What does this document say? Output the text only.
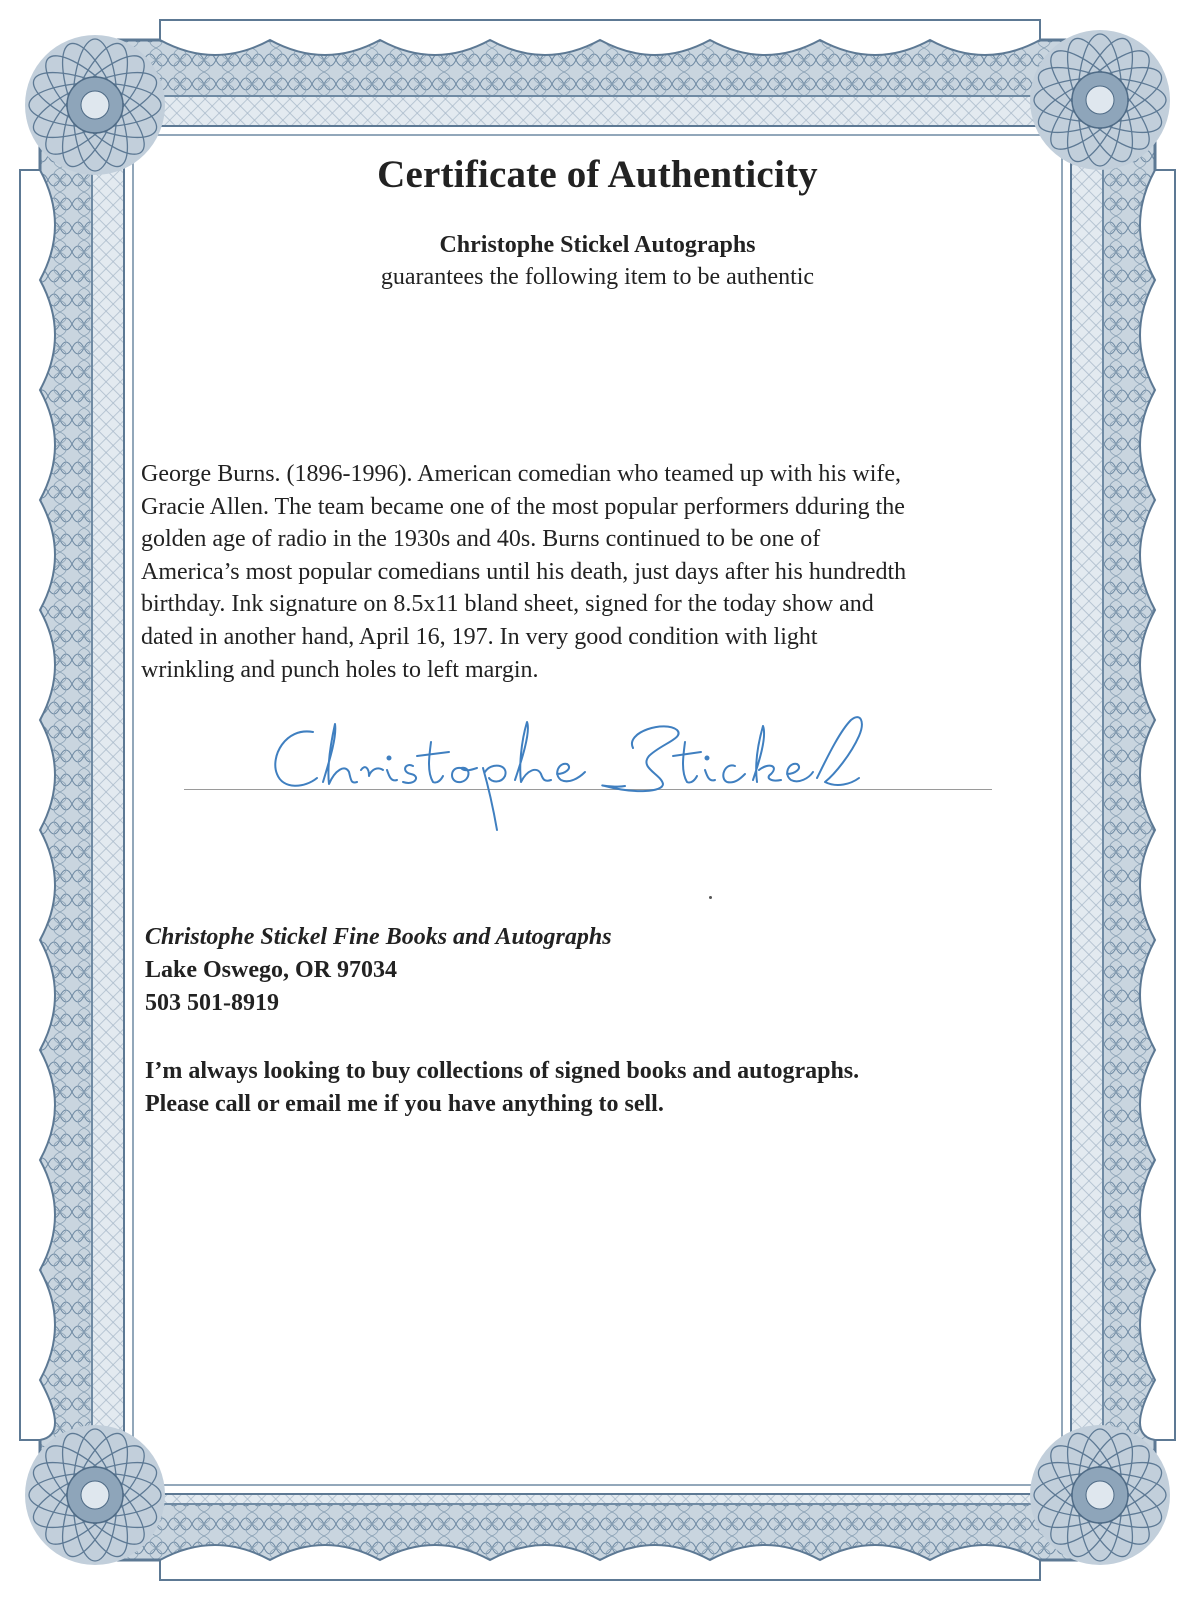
Certificate of Authenticity
Christophe Stickel Autographs
guarantees the following item to be authentic

George Burns. (1896-1996). American comedian who teamed up with his wife,
Gracie Allen. The team became one of the most popular performers dduring the
golden age of radio in the 1930s and 40s. Burns continued to be one of
America’s most popular comedians until his death, just days after his hundredth
birthday. Ink signature on 8.5x11 bland sheet, signed for the today show and
dated in another hand, April 16, 197. In very good condition with light
wrinkling and punch holes to left margin.

Christophe Stickel Fine Books and Autographs
Lake Oswego, OR 97034
503 501-8919
I’m always looking to buy collections of signed books and autographs.
Please call or email me if you have anything to sell.
